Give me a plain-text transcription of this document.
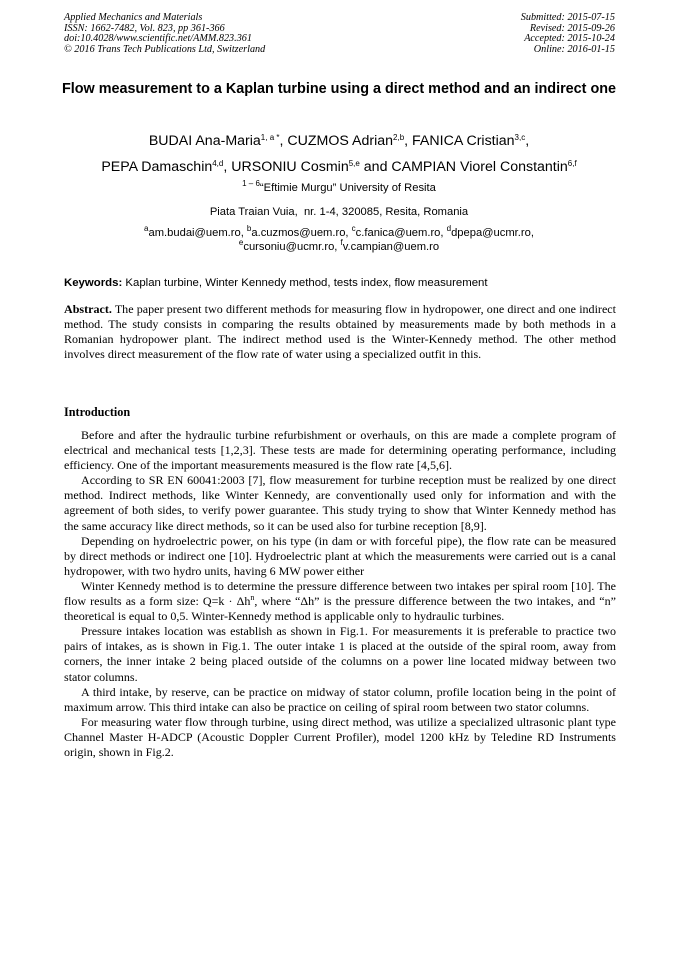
Applied Mechanics and Materials
ISSN: 1662-7482, Vol. 823, pp 361-366
doi:10.4028/www.scientific.net/AMM.823.361
© 2016 Trans Tech Publications Ltd, Switzerland
Submitted: 2015-07-15
Revised: 2015-09-26
Accepted: 2015-10-24
Online: 2016-01-15
Flow measurement to a Kaplan turbine using a direct method and an indirect one
BUDAI Ana-Maria$^{1, a *}$, CUZMOS Adrian$^{2,b}$, FANICA Cristian$^{3,c}$,
PEPA Damaschin$^{4,d}$, URSONIU Cosmin$^{5,e}$ and CAMPIAN Viorel Constantin$^{6,f}$
$^{1 - 6}$“Eftimie Murgu” University of Resita
Piata Traian Vuia,  nr. 1-4, 320085, Resita, Romania
$^a$am.budai@uem.ro, $^b$a.cuzmos@uem.ro, $^c$c.fanica@uem.ro, $^d$dpepa@ucmr.ro,
$^e$cursoniu@ucmr.ro, $^f$v.campian@uem.ro
Keywords: Kaplan turbine, Winter Kennedy method, tests index, flow measurement
Abstract. The paper present two different methods for measuring flow in hydropower, one direct and one indirect method. The study consists in comparing the results obtained by measurements made by both methods in a Romanian hydropower plant. The indirect method used is the Winter-Kennedy method. The other method involves direct measurement of the flow rate of water using a specialized outfit in this.
Introduction

Before and after the hydraulic turbine refurbishment or overhauls, on this are made a complete program of electrical and mechanical tests [1,2,3]. These tests are made for determining operating performance, including efficiency. One of the important measurements measured is the flow rate [4,5,6].

According to SR EN 60041:2003 [7], flow measurement for turbine reception must be realized by one direct method. Indirect methods, like Winter Kennedy, are conventionally used only for information and with the agreement of both sides, to verify power guarantee. This study trying to show that Winter Kennedy method has the same accuracy like direct methods, so it can be used also for turbine reception [8,9].

Depending on hydroelectric power, on his type (in dam or with forceful pipe), the flow rate can be measured by direct methods or indirect one [10]. Hydroelectric plant at which the measurements were carried out is a canal hydropower, with two hydro units, having 6 MW power either

Winter Kennedy method is to determine the pressure difference between two intakes per spiral room [10]. The flow results as a form size: $Q=k \cdot \Delta h^n$, where “Δh” is the pressure difference between the two intakes, and “n” theoretical is equal to 0,5. Winter-Kennedy method is applicable only to hydraulic turbines.

Pressure intakes location was establish as shown in Fig.1. For measurements it is preferable to practice two pairs of intakes, as is shown in Fig.1. The outer intake 1 is placed at the outside of the spiral room, away from corners, the inner intake 2 being placed outside of the columns on a power line located midway between two stator columns.

A third intake, by reserve, can be practice on midway of stator column, profile location being in the point of maximum arrow. This third intake can also be practice on ceiling of spiral room between two stator columns.

For measuring water flow through turbine, using direct method, was utilize a specialized ultrasonic plant type Channel Master H-ADCP (Acoustic Doppler Current Profiler), model 1200 kHz by Teledine RD Instruments origin, shown in Fig.2.
